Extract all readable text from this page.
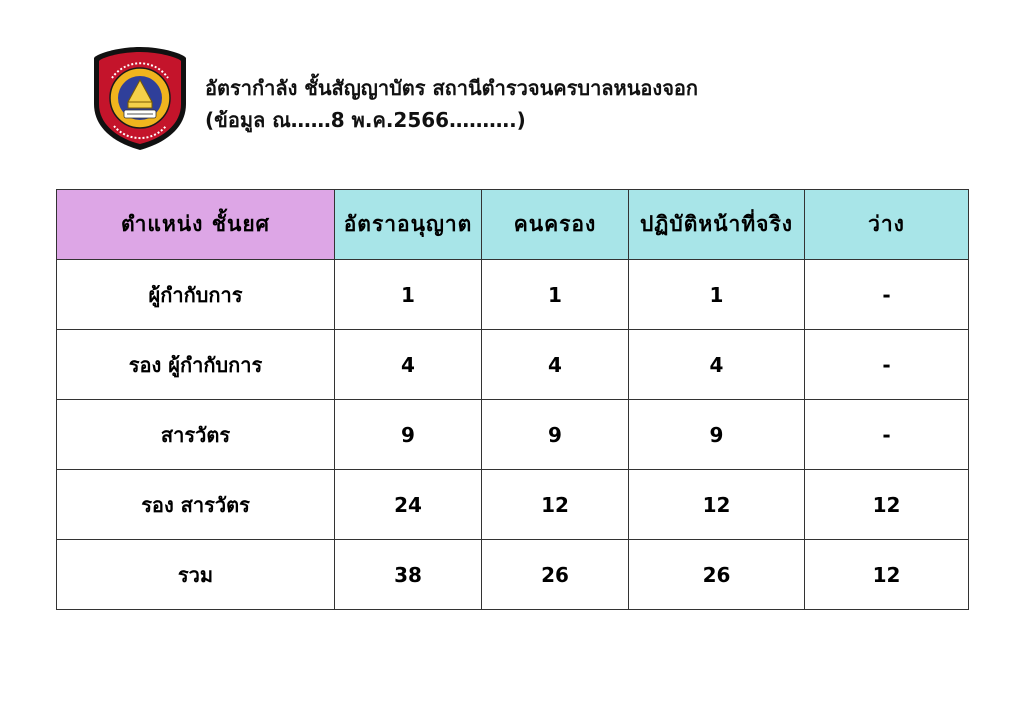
อัตรากำลัง ชั้นสัญญาบัตร สถานีตำรวจนครบาลหนองจอก
(ข้อมูล ณ……8 พ.ค.2566……….)
ตำแหน่ง ชั้นยศ	อัตราอนุญาต	คนครอง	ปฏิบัติหน้าที่จริง	ว่าง
ผู้กำกับการ	1	1	1	-
รอง ผู้กำกับการ	4	4	4	-
สารวัตร	9	9	9	-
รอง สารวัตร	24	12	12	12
รวม	38	26	26	12
